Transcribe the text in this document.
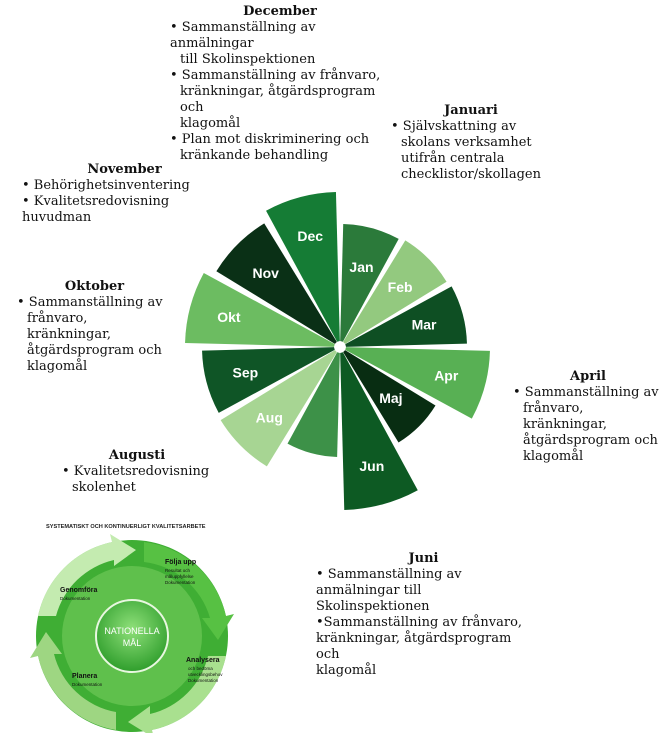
Jan
Feb
Mar
Apr
Maj
Jun
Aug
Sep
Okt
Nov
Dec
December
• Sammanställning av anmälningar
till Skolinspektionen
• Sammanställning av frånvaro,
kränkningar, åtgärdsprogram och
klagomål
• Plan mot diskriminering och
kränkande behandling
Januari
• Självskattning av
skolans verksamhet
utifrån centrala
checklistor/skollagen
November
• Behörighetsinventering
• Kvalitetsredovisning huvudman
Oktober
• Sammanställning av
frånvaro, kränkningar,
åtgärdsprogram och
klagomål
April
• Sammanställning av
frånvaro, kränkningar,
åtgärdsprogram och
klagomål
Augusti
• Kvalitetsredovisning
skolenhet
Juni
• Sammanställning av
anmälningar till Skolinspektionen
•Sammanställning av frånvaro,
kränkningar, åtgärdsprogram och
klagomål
SYSTEMATISKT OCH KONTINUERLIGT KVALITETSARBETE
NATIONELLA
MÅL
Följa upp
Resultat och
måluppfyllelse
Dokumentation
Analysera
och bedöma
utvecklingsbehov
Dokumentation
Planera
Dokumentation
Genomföra
Dokumentation
